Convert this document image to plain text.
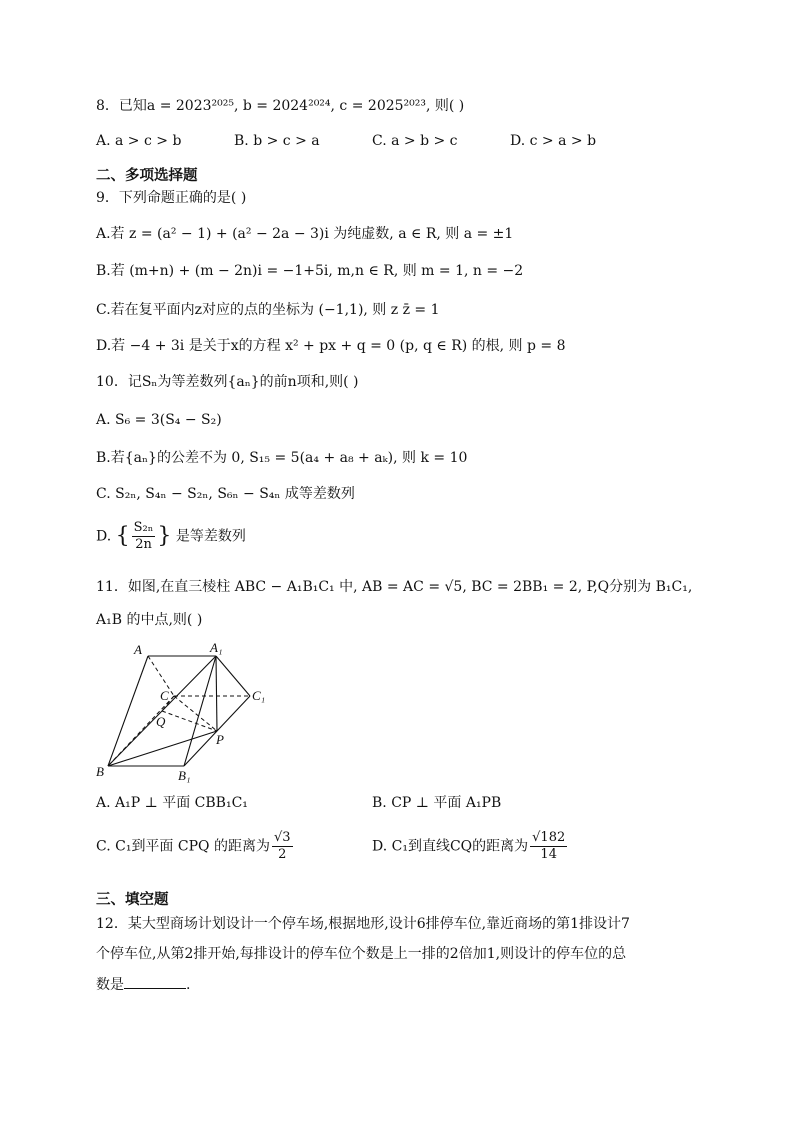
8．已知a = 2023²⁰²⁵, b = 2024²⁰²⁴, c = 2025²⁰²³, 则( )
A. a > c > b	B. b > c > a	C. a > b > c	D. c > a > b
二、多项选择题
9．下列命题正确的是( )
A.若 z = (a² − 1) + (a² − 2a − 3)i 为纯虚数, a ∈ R, 则 a = ±1
B.若 (m+n) + (m − 2n)i = −1+5i, m,n ∈ R, 则 m = 1, n = −2
C.若在复平面内z对应的点的坐标为 (−1,1), 则 z z̄ = 1
D.若 −4 + 3i 是关于x的方程 x² + px + q = 0 (p, q ∈ R) 的根, 则 p = 8
10．记Sₙ为等差数列{aₙ}的前n项和,则( )
A. S₆ = 3(S₄ − S₂)
B.若{aₙ}的公差不为 0, S₁₅ = 5(a₄ + a₈ + aₖ), 则 k = 10
C. S₂ₙ, S₄ₙ − S₂ₙ, S₆ₙ − S₄ₙ 成等差数列
D. { $\frac{\text{S₂ₙ}}{2n}$ } 是等差数列
11．如图,在直三棱柱 ABC − A₁B₁C₁ 中, AB = AC = √5, BC = 2BB₁ = 2, P,Q分别为 B₁C₁,
A₁B 的中点,则( )
A	A₁
C	C₁
Q
P
B	B₁
A. A₁P ⊥ 平面 CBB₁C₁	B. CP ⊥ 平面 A₁PB
C. C₁到平面 CPQ 的距离为 $\frac{√3}{2}$	D. C₁到直线CQ的距离为 $\frac{√182}{14}$
三、填空题
12．某大型商场计划设计一个停车场,根据地形,设计6排停车位,靠近商场的第1排设计7
个停车位,从第2排开始,每排设计的停车位个数是上一排的2倍加1,则设计的停车位的总
数是	.
